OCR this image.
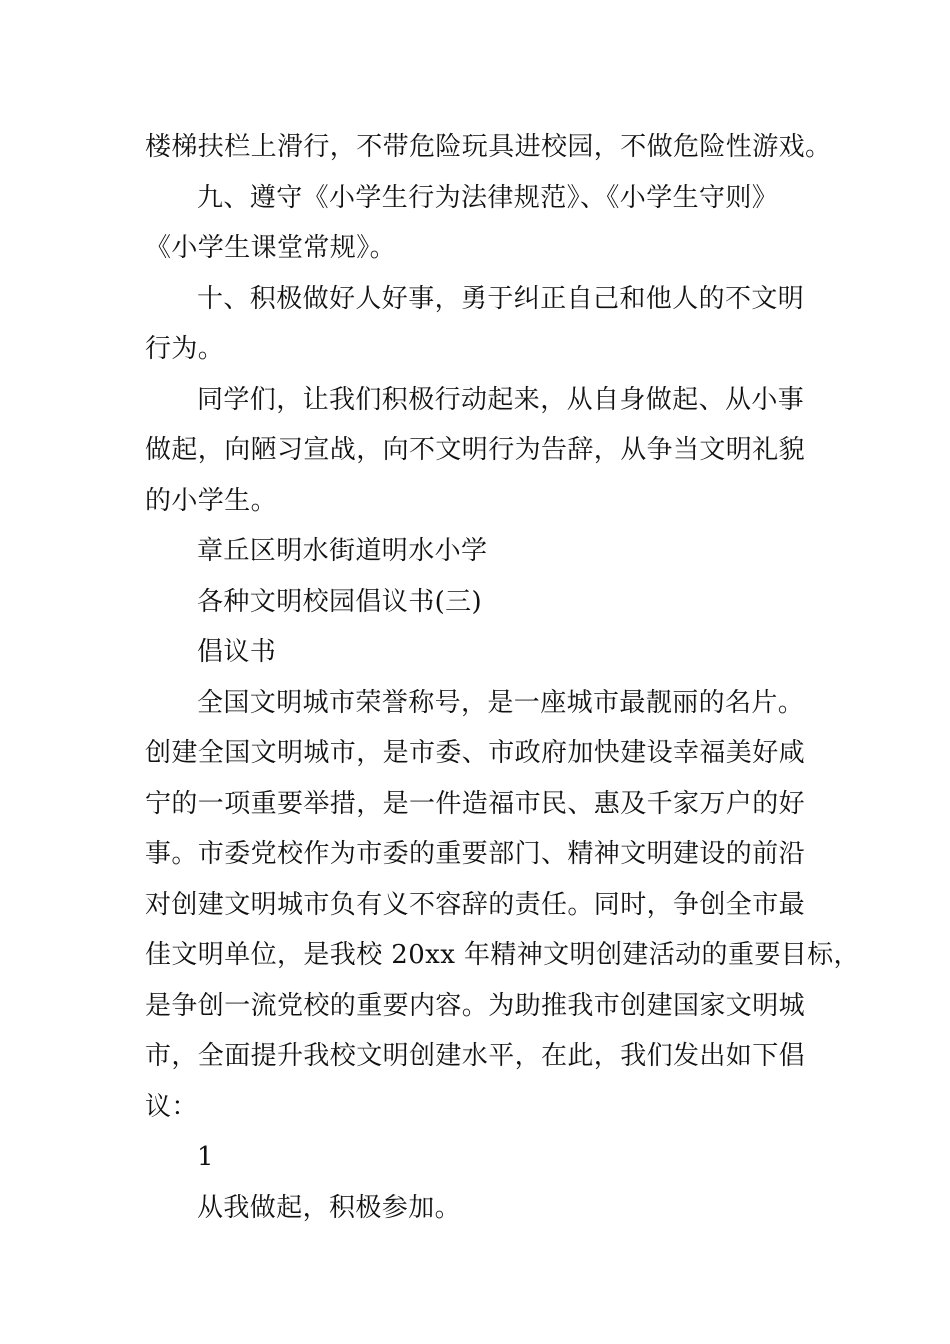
楼梯扶栏上滑行，不带危险玩具进校园，不做危险性游戏。

九、遵守《小学生行为法律规范》、《小学生守则》
《小学生课堂常规》。

十、积极做好人好事，勇于纠正自己和他人的不文明
行为。

同学们，让我们积极行动起来，从自身做起、从小事
做起，向陋习宣战，向不文明行为告辞，从争当文明礼貌
的小学生。

章丘区明水街道明水小学

各种文明校园倡议书(三)

倡议书

全国文明城市荣誉称号，是一座城市最靓丽的名片。
创建全国文明城市，是市委、市政府加快建设幸福美好咸
宁的一项重要举措，是一件造福市民、惠及千家万户的好
事。市委党校作为市委的重要部门、精神文明建设的前沿
对创建文明城市负有义不容辞的责任。同时，争创全市最
佳文明单位，是我校 20xx 年精神文明创建活动的重要目标，
是争创一流党校的重要内容。为助推我市创建国家文明城
市，全面提升我校文明创建水平，在此，我们发出如下倡
议：

1

从我做起，积极参加。
